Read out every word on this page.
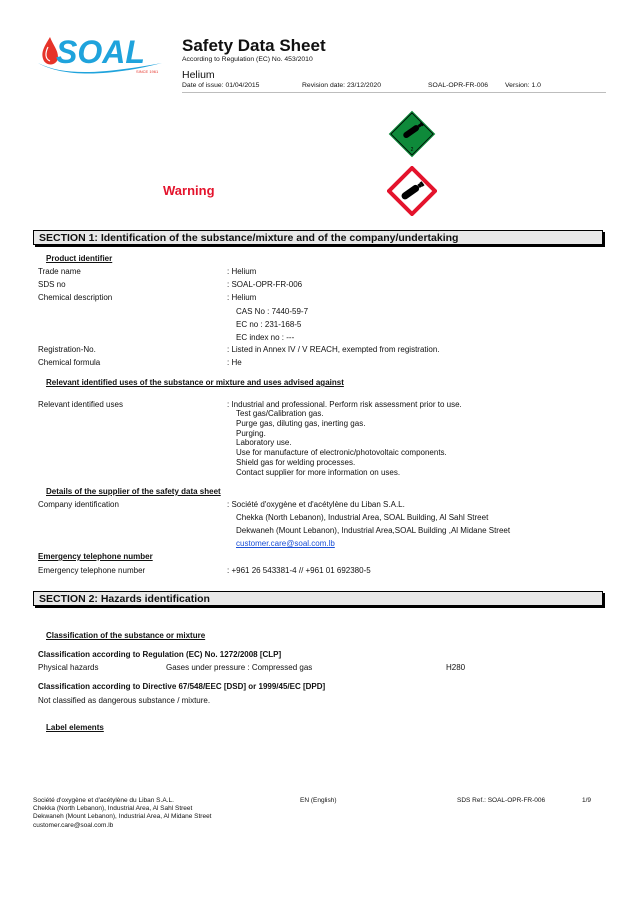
SOAL
SINCE 1961
Safety Data Sheet
According to Regulation (EC) No. 453/2010
Helium
Date of issue: 01/04/2015	Revision date: 23/12/2020	SOAL-OPR-FR-006 Version: 1.0
2
Warning
SECTION 1: Identification of the substance/mixture and of the company/undertaking
Product identifier
Trade name	: Helium
SDS no	: SOAL-OPR-FR-006
Chemical description	: Helium
CAS No : 7440-59-7
EC no : 231-168-5
EC index no : ---
Registration-No.	: Listed in Annex IV / V REACH, exempted from registration.
Chemical formula	: He
Relevant identified uses of the substance or mixture and uses advised against
Relevant identified uses	: Industrial and professional. Perform risk assessment prior to use.
Test gas/Calibration gas.
Purge gas, diluting gas, inerting gas.
Purging.
Laboratory use.
Use for manufacture of electronic/photovoltaic components.
Shield gas for welding processes.
Contact supplier for more information on uses.
Details of the supplier of the safety data sheet
Company identification	: Société d'oxygène et d'acétylène du Liban S.A.L.
Chekka (North Lebanon), Industrial Area, SOAL Building, Al Sahl Street
Dekwaneh (Mount Lebanon), Industrial Area,SOAL Building ,Al Midane Street
customer.care@soal.com.lb
Emergency telephone number
Emergency telephone number	: +961 26 543381-4 // +961 01 692380-5
SECTION 2: Hazards identification
Classification of the substance or mixture
Classification according to Regulation (EC) No. 1272/2008 [CLP]
Physical hazards	Gases under pressure : Compressed gas	H280
Classification according to Directive 67/548/EEC [DSD] or 1999/45/EC [DPD]
Not classified as dangerous substance / mixture.
Label elements
Société d'oxygène et d'acétylène du Liban S.A.L.
Chekka (North Lebanon), Industrial Area, Al Sahl Street
Dekwaneh (Mount Lebanon), Industrial Area, Al Midane Street
customer.care@soal.com.lb
EN (English)	SDS Ref.: SOAL-OPR-FR-006	1/9
